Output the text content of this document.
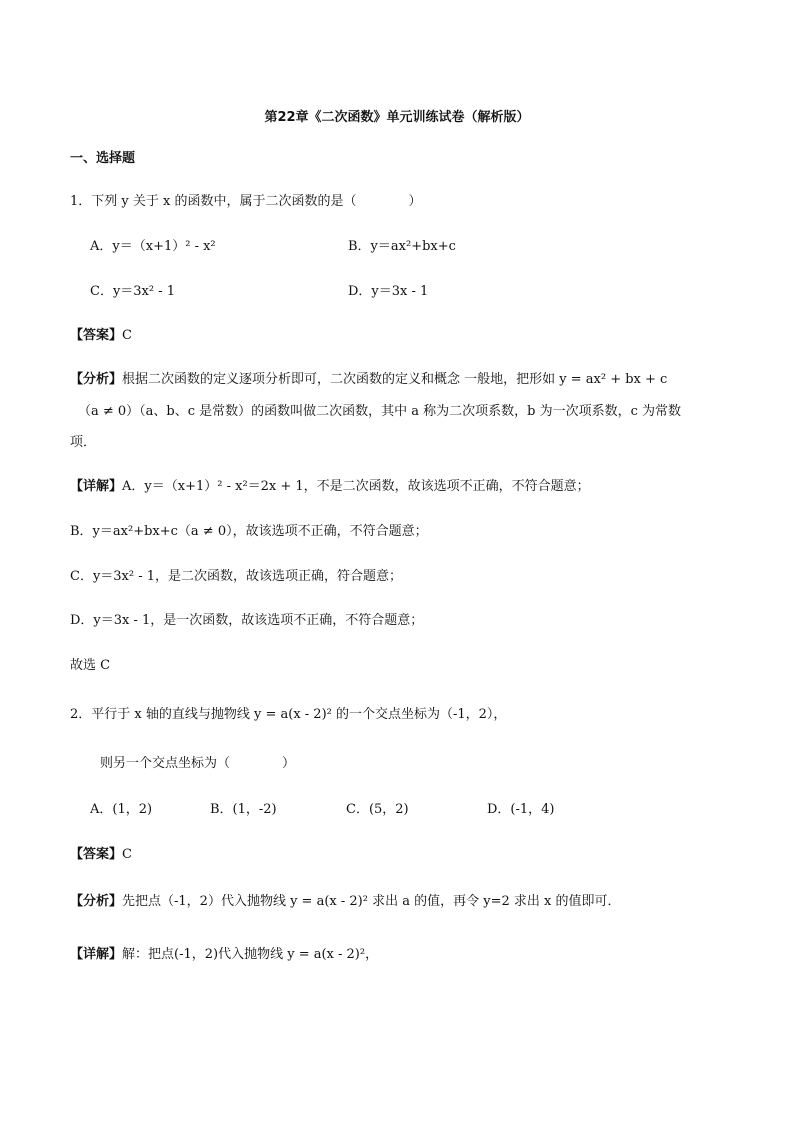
第22章《二次函数》单元训练试卷（解析版）
一、选择题
1．下列 y 关于 x 的函数中，属于二次函数的是（　　　　）
A．y＝（x+1）² - x²	B．y＝ax²+bx+c
C．y＝3x² - 1	D．y＝3x - 1
【答案】C
【分析】根据二次函数的定义逐项分析即可，二次函数的定义和概念 一般地，把形如 y = ax² + bx + c
（a ≠ 0）（a、b、c 是常数）的函数叫做二次函数，其中 a 称为二次项系数，b 为一次项系数，c 为常数
项．
【详解】A．y＝（x+1）² - x²＝2x + 1，不是二次函数，故该选项不正确，不符合题意；
B．y＝ax²+bx+c（a ≠ 0），故该选项不正确，不符合题意；
C．y＝3x² - 1，是二次函数，故该选项正确，符合题意；
D．y＝3x - 1，是一次函数，故该选项不正确，不符合题意；
故选 C
2．平行于 x 轴的直线与抛物线 y = a(x - 2)² 的一个交点坐标为（-1，2），
则另一个交点坐标为（　　　　）
A．(1，2)	B．(1，-2)	C．(5，2)	D．(-1，4)
【答案】C
【分析】先把点（-1，2）代入抛物线 y = a(x - 2)² 求出 a 的值，再令 y=2 求出 x 的值即可．
【详解】解：把点(-1，2)代入抛物线 y = a(x - 2)²，
